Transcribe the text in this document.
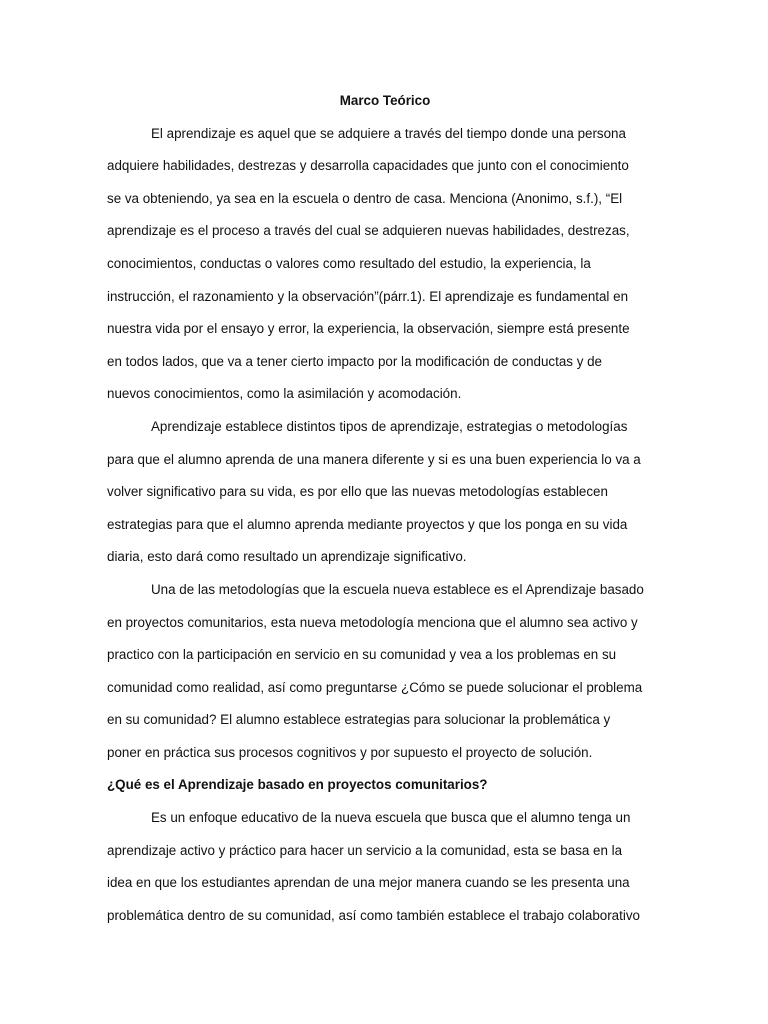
Marco Teórico
El aprendizaje es aquel que se adquiere a través del tiempo donde una persona
adquiere habilidades, destrezas y desarrolla capacidades que junto con el conocimiento
se va obteniendo, ya sea en la escuela o dentro de casa. Menciona (Anonimo, s.f.), “El
aprendizaje es el proceso a través del cual se adquieren nuevas habilidades, destrezas,
conocimientos, conductas o valores como resultado del estudio, la experiencia, la
instrucción, el razonamiento y la observación”(párr.1). El aprendizaje es fundamental en
nuestra vida por el ensayo y error, la experiencia, la observación, siempre está presente
en todos lados, que va a tener cierto impacto por la modificación de conductas y de
nuevos conocimientos, como la asimilación y acomodación.
Aprendizaje establece distintos tipos de aprendizaje, estrategias o metodologías
para que el alumno aprenda de una manera diferente y si es una buen experiencia lo va a
volver significativo para su vida, es por ello que las nuevas metodologías establecen
estrategias para que el alumno aprenda mediante proyectos y que los ponga en su vida
diaria, esto dará como resultado un aprendizaje significativo.
Una de las metodologías que la escuela nueva establece es el Aprendizaje basado
en proyectos comunitarios, esta nueva metodología menciona que el alumno sea activo y
practico con la participación en servicio en su comunidad y vea a los problemas en su
comunidad como realidad, así como preguntarse ¿Cómo se puede solucionar el problema
en su comunidad? El alumno establece estrategias para solucionar la problemática y
poner en práctica sus procesos cognitivos y por supuesto el proyecto de solución.
¿Qué es el Aprendizaje basado en proyectos comunitarios?
Es un enfoque educativo de la nueva escuela que busca que el alumno tenga un
aprendizaje activo y práctico para hacer un servicio a la comunidad, esta se basa en la
idea en que los estudiantes aprendan de una mejor manera cuando se les presenta una
problemática dentro de su comunidad, así como también establece el trabajo colaborativo
